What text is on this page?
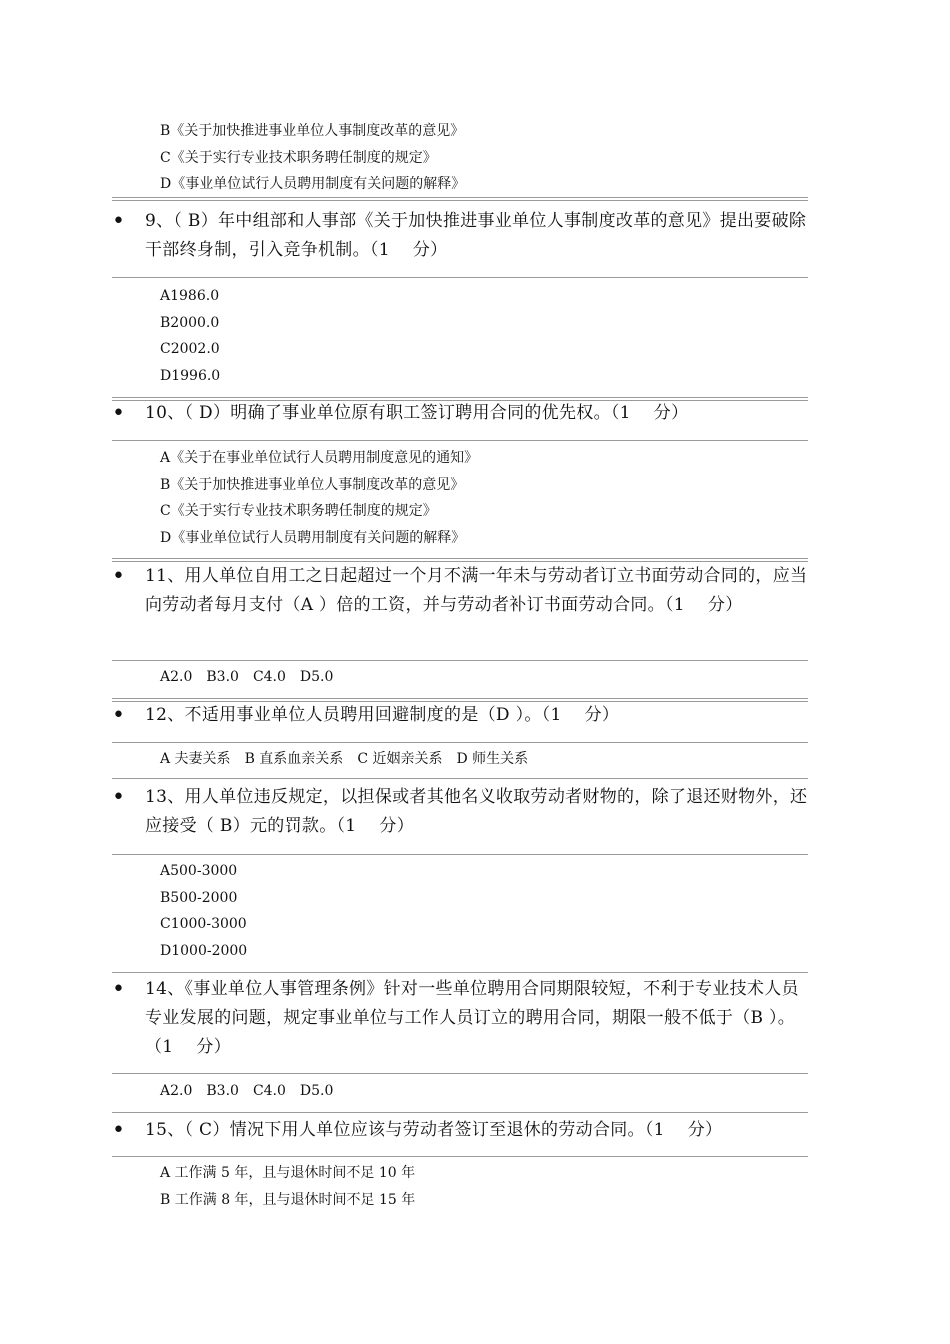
B《关于加快推进事业单位人事制度改革的意见》
C《关于实行专业技术职务聘任制度的规定》
D《事业单位试行人员聘用制度有关问题的解释》
• 9、（ B）年中组部和人事部《关于加快推进事业单位人事制度改革的意见》提出要破除干部终身制，引入竞争机制。（1　 分）
A1986.0
B2000.0
C2002.0
D1996.0
• 10、（ D）明确了事业单位原有职工签订聘用合同的优先权。（1　 分）
A《关于在事业单位试行人员聘用制度意见的通知》
B《关于加快推进事业单位人事制度改革的意见》
C《关于实行专业技术职务聘任制度的规定》
D《事业单位试行人员聘用制度有关问题的解释》
• 11、用人单位自用工之日起超过一个月不满一年未与劳动者订立书面劳动合同的，应当向劳动者每月支付（A ）倍的工资，并与劳动者补订书面劳动合同。（1　 分）
A2.0 B3.0 C4.0 D5.0
• 12、不适用事业单位人员聘用回避制度的是（D ）。（1　 分）
A 夫妻关系 B 直系血亲关系 C 近姻亲关系 D 师生关系
• 13、用人单位违反规定，以担保或者其他名义收取劳动者财物的，除了退还财物外，还应接受（ B）元的罚款。（1　 分）
A500-3000
B500-2000
C1000-3000
D1000-2000
• 14、《事业单位人事管理条例》针对一些单位聘用合同期限较短，不利于专业技术人员专业发展的问题，规定事业单位与工作人员订立的聘用合同，期限一般不低于（B ）。（1　 分）
A2.0 B3.0 C4.0 D5.0
• 15、（ C）情况下用人单位应该与劳动者签订至退休的劳动合同。（1　 分）
A 工作满 5 年，且与退休时间不足 10 年
B 工作满 8 年，且与退休时间不足 15 年
